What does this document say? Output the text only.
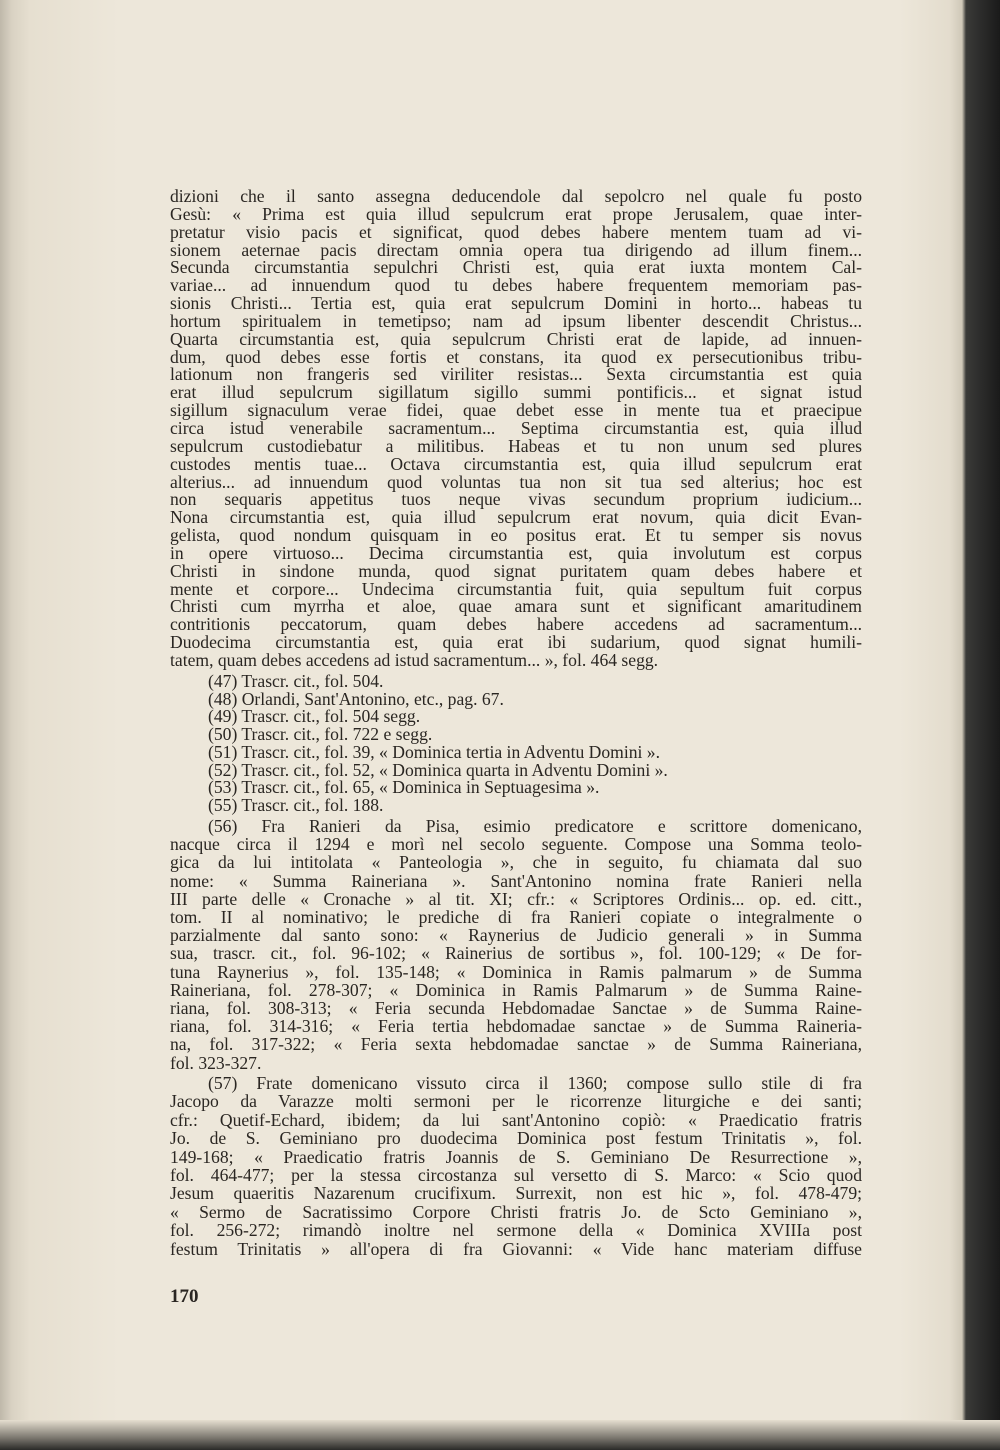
dizioni che il santo assegna deducendole dal sepolcro nel quale fu posto
Gesù: « Prima est quia illud sepulcrum erat prope Jerusalem, quae inter-
pretatur visio pacis et significat, quod debes habere mentem tuam ad vi-
sionem aeternae pacis directam omnia opera tua dirigendo ad illum finem...
Secunda circumstantia sepulchri Christi est, quia erat iuxta montem Cal-
variae... ad innuendum quod tu debes habere frequentem memoriam pas-
sionis Christi... Tertia est, quia erat sepulcrum Domini in horto... habeas tu
hortum spiritualem in temetipso; nam ad ipsum libenter descendit Christus...
Quarta circumstantia est, quia sepulcrum Christi erat de lapide, ad innuen-
dum, quod debes esse fortis et constans, ita quod ex persecutionibus tribu-
lationum non frangeris sed viriliter resistas... Sexta circumstantia est quia
erat illud sepulcrum sigillatum sigillo summi pontificis... et signat istud
sigillum signaculum verae fidei, quae debet esse in mente tua et praecipue
circa istud venerabile sacramentum... Septima circumstantia est, quia illud
sepulcrum custodiebatur a militibus. Habeas et tu non unum sed plures
custodes mentis tuae... Octava circumstantia est, quia illud sepulcrum erat
alterius... ad innuendum quod voluntas tua non sit tua sed alterius; hoc est
non sequaris appetitus tuos neque vivas secundum proprium iudicium...
Nona circumstantia est, quia illud sepulcrum erat novum, quia dicit Evan-
gelista, quod nondum quisquam in eo positus erat. Et tu semper sis novus
in opere virtuoso... Decima circumstantia est, quia involutum est corpus
Christi in sindone munda, quod signat puritatem quam debes habere et
mente et corpore... Undecima circumstantia fuit, quia sepultum fuit corpus
Christi cum myrrha et aloe, quae amara sunt et significant amaritudinem
contritionis peccatorum, quam debes habere accedens ad sacramentum...
Duodecima circumstantia est, quia erat ibi sudarium, quod signat humili-
tatem, quam debes accedens ad istud sacramentum... », fol. 464 segg.
(47) Trascr. cit., fol. 504.
(48) Orlandi, Sant'Antonino, etc., pag. 67.
(49) Trascr. cit., fol. 504 segg.
(50) Trascr. cit., fol. 722 e segg.
(51) Trascr. cit., fol. 39, « Dominica tertia in Adventu Domini ».
(52) Trascr. cit., fol. 52, « Dominica quarta in Adventu Domini ».
(53) Trascr. cit., fol. 65, « Dominica in Septuagesima ».
(55) Trascr. cit., fol. 188.
(56) Fra Ranieri da Pisa, esimio predicatore e scrittore domenicano,
nacque circa il 1294 e morì nel secolo seguente. Compose una Somma teolo-
gica da lui intitolata « Panteologia », che in seguito, fu chiamata dal suo
nome: « Summa Raineriana ». Sant'Antonino nomina frate Ranieri nella
III parte delle « Cronache » al tit. XI; cfr.: « Scriptores Ordinis... op. ed. citt.,
tom. II al nominativo; le prediche di fra Ranieri copiate o integralmente o
parzialmente dal santo sono: « Raynerius de Judicio generali » in Summa
sua, trascr. cit., fol. 96-102; « Rainerius de sortibus », fol. 100-129; « De for-
tuna Raynerius », fol. 135-148; « Dominica in Ramis palmarum » de Summa
Raineriana, fol. 278-307; « Dominica in Ramis Palmarum » de Summa Raine-
riana, fol. 308-313; « Feria secunda Hebdomadae Sanctae » de Summa Raine-
riana, fol. 314-316; « Feria tertia hebdomadae sanctae » de Summa Raineria-
na, fol. 317-322; « Feria sexta hebdomadae sanctae » de Summa Raineriana,
fol. 323-327.
(57) Frate domenicano vissuto circa il 1360; compose sullo stile di fra
Jacopo da Varazze molti sermoni per le ricorrenze liturgiche e dei santi;
cfr.: Quetif-Echard, ibidem; da lui sant'Antonino copiò: « Praedicatio fratris
Jo. de S. Geminiano pro duodecima Dominica post festum Trinitatis », fol.
149-168; « Praedicatio fratris Joannis de S. Geminiano De Resurrectione »,
fol. 464-477; per la stessa circostanza sul versetto di S. Marco: « Scio quod
Jesum quaeritis Nazarenum crucifixum. Surrexit, non est hic », fol. 478-479;
« Sermo de Sacratissimo Corpore Christi fratris Jo. de Scto Geminiano »,
fol. 256-272; rimandò inoltre nel sermone della « Dominica XVIIIa post
festum Trinitatis » all'opera di fra Giovanni: « Vide hanc materiam diffuse
170
